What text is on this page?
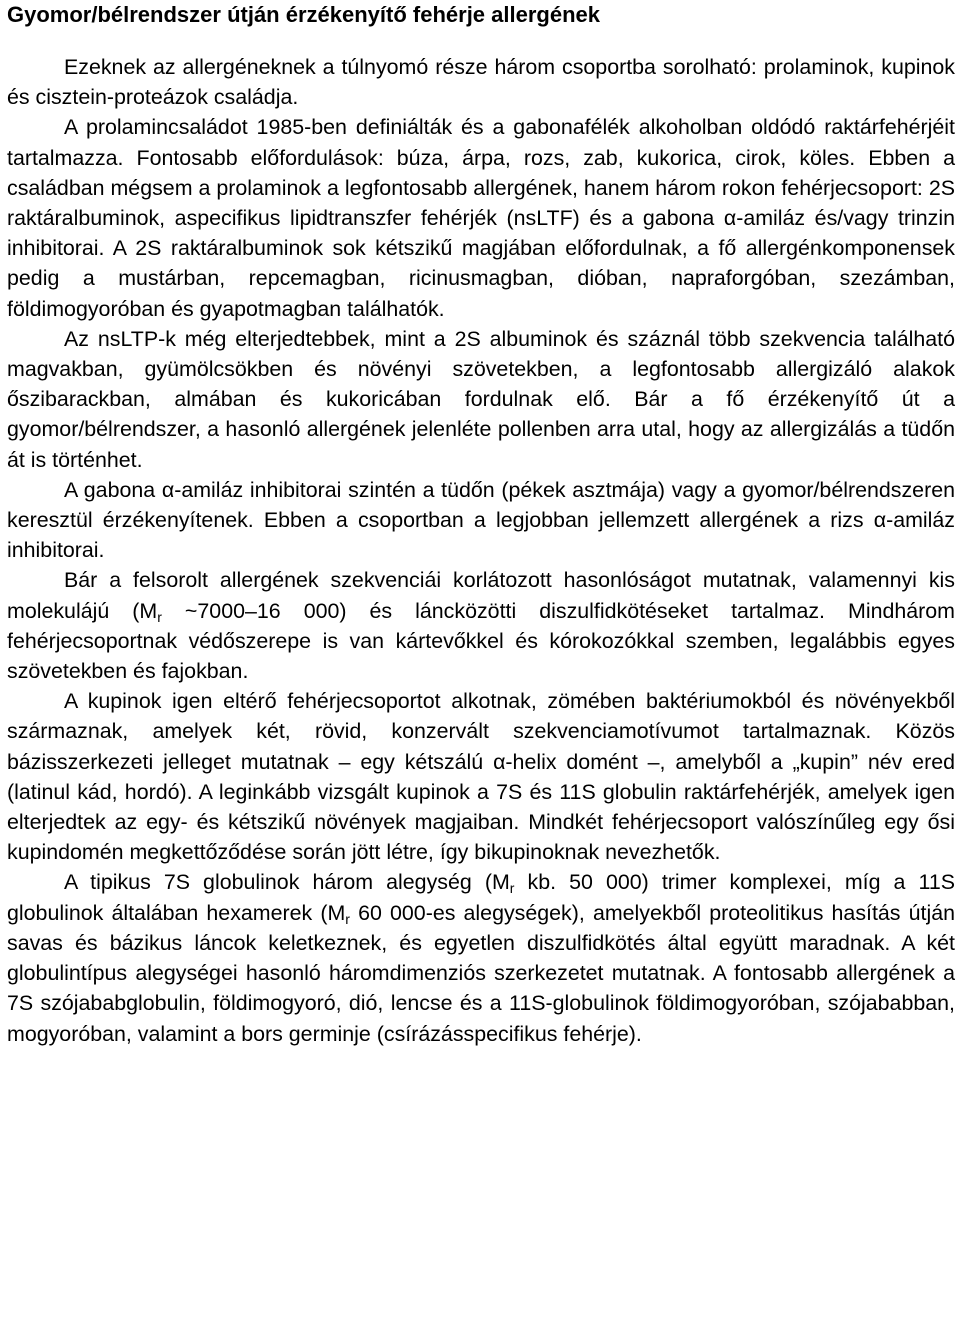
Gyomor/bélrendszer útján érzékenyítő fehérje allergének

Ezeknek az allergéneknek a túlnyomó része három csoportba sorolható: prolaminok, kupinok és cisztein-proteázok családja.

A prolamincsaládot 1985-ben definiálták és a gabonafélék alkoholban oldódó raktárfehérjéit tartalmazza. Fontosabb előfordulások: búza, árpa, rozs, zab, kukorica, cirok, köles. Ebben a családban mégsem a prolaminok a legfontosabb allergének, hanem három rokon fehérjecsoport: 2S raktáralbuminok, aspecifikus lipidtranszfer fehérjék (nsLTF) és a gabona α-amiláz és/vagy trinzin inhibitorai. A 2S raktáralbuminok sok kétszikű magjában előfordulnak, a fő allergénkomponensek pedig a mustárban, repcemagban, ricinusmagban, dióban, napraforgóban, szezámban, földimogyoróban és gyapotmagban találhatók.

Az nsLTP-k még elterjedtebbek, mint a 2S albuminok és száznál több szekvencia található magvakban, gyümölcsökben és növényi szövetekben, a legfontosabb allergizáló alakok őszibarackban, almában és kukoricában fordulnak elő. Bár a fő érzékenyítő út a gyomor/bélrendszer, a hasonló allergének jelenléte pollenben arra utal, hogy az allergizálás a tüdőn át is történhet.

A gabona α-amiláz inhibitorai szintén a tüdőn (pékek asztmája) vagy a gyomor/bélrendszeren keresztül érzékenyítenek. Ebben a csoportban a legjobban jellemzett allergének a rizs α-amiláz inhibitorai.

Bár a felsorolt allergének szekvenciái korlátozott hasonlóságot mutatnak, valamennyi kis molekulájú ($M_r$ ~7000–16 000) és láncközötti diszulfidkötéseket tartalmaz. Mindhárom fehérjecsoportnak védőszerepe is van kártevőkkel és kórokozókkal szemben, legalábbis egyes szövetekben és fajokban.

A kupinok igen eltérő fehérjecsoportot alkotnak, zömében baktériumokból és növényekből származnak, amelyek két, rövid, konzervált szekvenciamotívumot tartalmaznak. Közös bázisszerkezeti jelleget mutatnak – egy kétszálú α-helix domént –, amelyből a „kupin” név ered (latinul kád, hordó). A leginkább vizsgált kupinok a 7S és 11S globulin raktárfehérjék, amelyek igen elterjedtek az egy- és kétszikű növények magjaiban. Mindkét fehérjecsoport valószínűleg egy ősi kupindomén megkettőződése során jött létre, így bikupinoknak nevezhetők.

A tipikus 7S globulinok három alegység ($M_r$ kb. 50 000) trimer komplexei, míg a 11S globulinok általában hexamerek ($M_r$ 60 000-es alegységek), amelyekből proteolitikus hasítás útján savas és bázikus láncok keletkeznek, és egyetlen diszulfidkötés által együtt maradnak. A két globulintípus alegységei hasonló háromdimenziós szerkezetet mutatnak. A fontosabb allergének a 7S szójababglobulin, földimogyoró, dió, lencse és a 11S-globulinok földimogyoróban, szójababban, mogyoróban, valamint a bors germinje (csírázásspecifikus fehérje).
